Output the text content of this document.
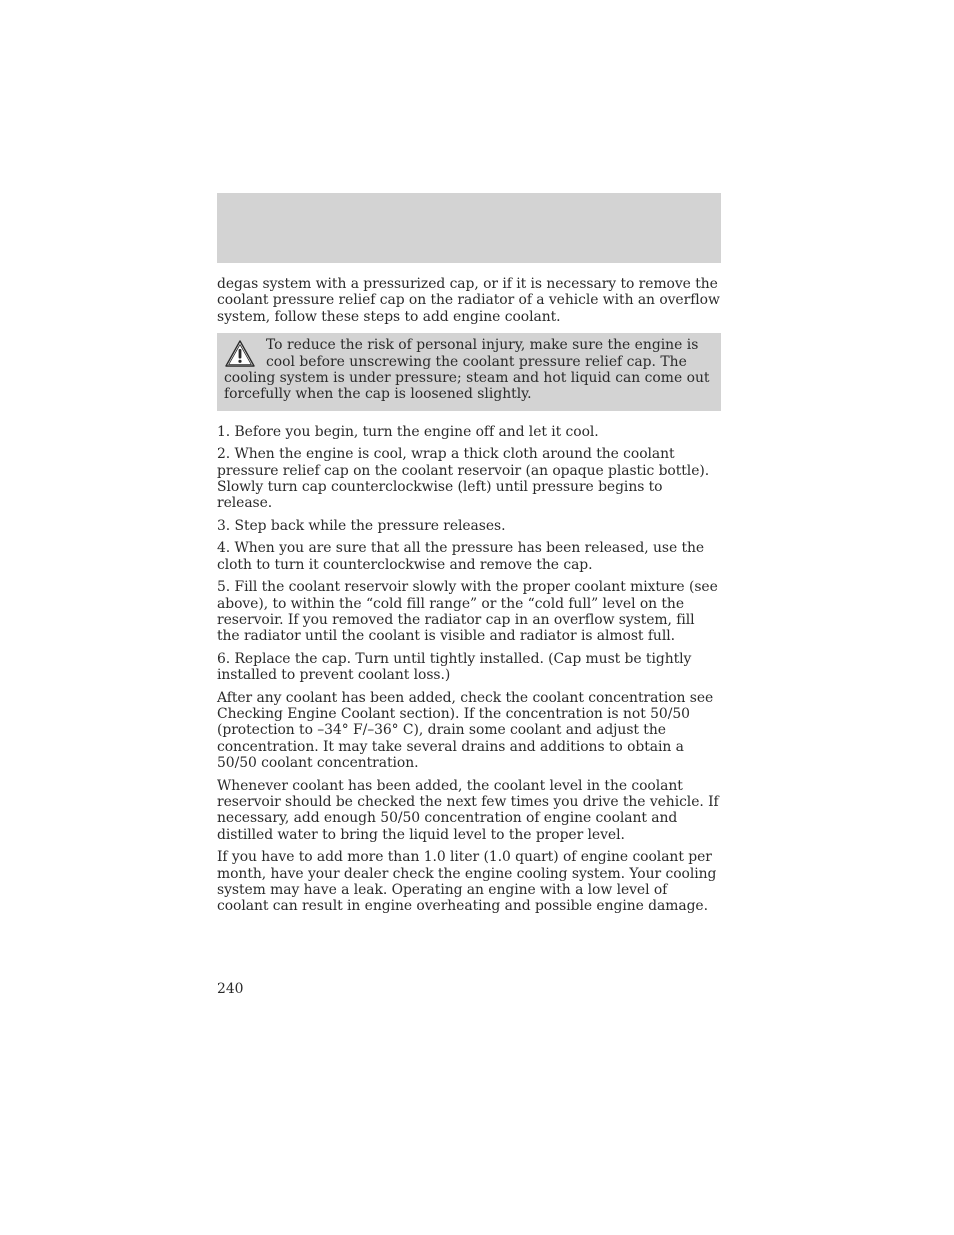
degas system with a pressurized cap, or if it is necessary to remove the coolant pressure relief cap on the radiator of a vehicle with an overflow system, follow these steps to add engine coolant.

To reduce the risk of personal injury, make sure the engine is cool before unscrewing the coolant pressure relief cap. The cooling system is under pressure; steam and hot liquid can come out forcefully when the cap is loosened slightly.

1. Before you begin, turn the engine off and let it cool.

2. When the engine is cool, wrap a thick cloth around the coolant pressure relief cap on the coolant reservoir (an opaque plastic bottle). Slowly turn cap counterclockwise (left) until pressure begins to release.

3. Step back while the pressure releases.

4. When you are sure that all the pressure has been released, use the cloth to turn it counterclockwise and remove the cap.

5. Fill the coolant reservoir slowly with the proper coolant mixture (see above), to within the “cold fill range” or the “cold full” level on the reservoir. If you removed the radiator cap in an overflow system, fill the radiator until the coolant is visible and radiator is almost full.

6. Replace the cap. Turn until tightly installed. (Cap must be tightly installed to prevent coolant loss.)

After any coolant has been added, check the coolant concentration see Checking Engine Coolant section). If the concentration is not 50/50 (protection to –34° F/–36° C), drain some coolant and adjust the concentration. It may take several drains and additions to obtain a 50/50 coolant concentration.

Whenever coolant has been added, the coolant level in the coolant reservoir should be checked the next few times you drive the vehicle. If necessary, add enough 50/50 concentration of engine coolant and distilled water to bring the liquid level to the proper level.

If you have to add more than 1.0 liter (1.0 quart) of engine coolant per month, have your dealer check the engine cooling system. Your cooling system may have a leak. Operating an engine with a low level of coolant can result in engine overheating and possible engine damage.

240
